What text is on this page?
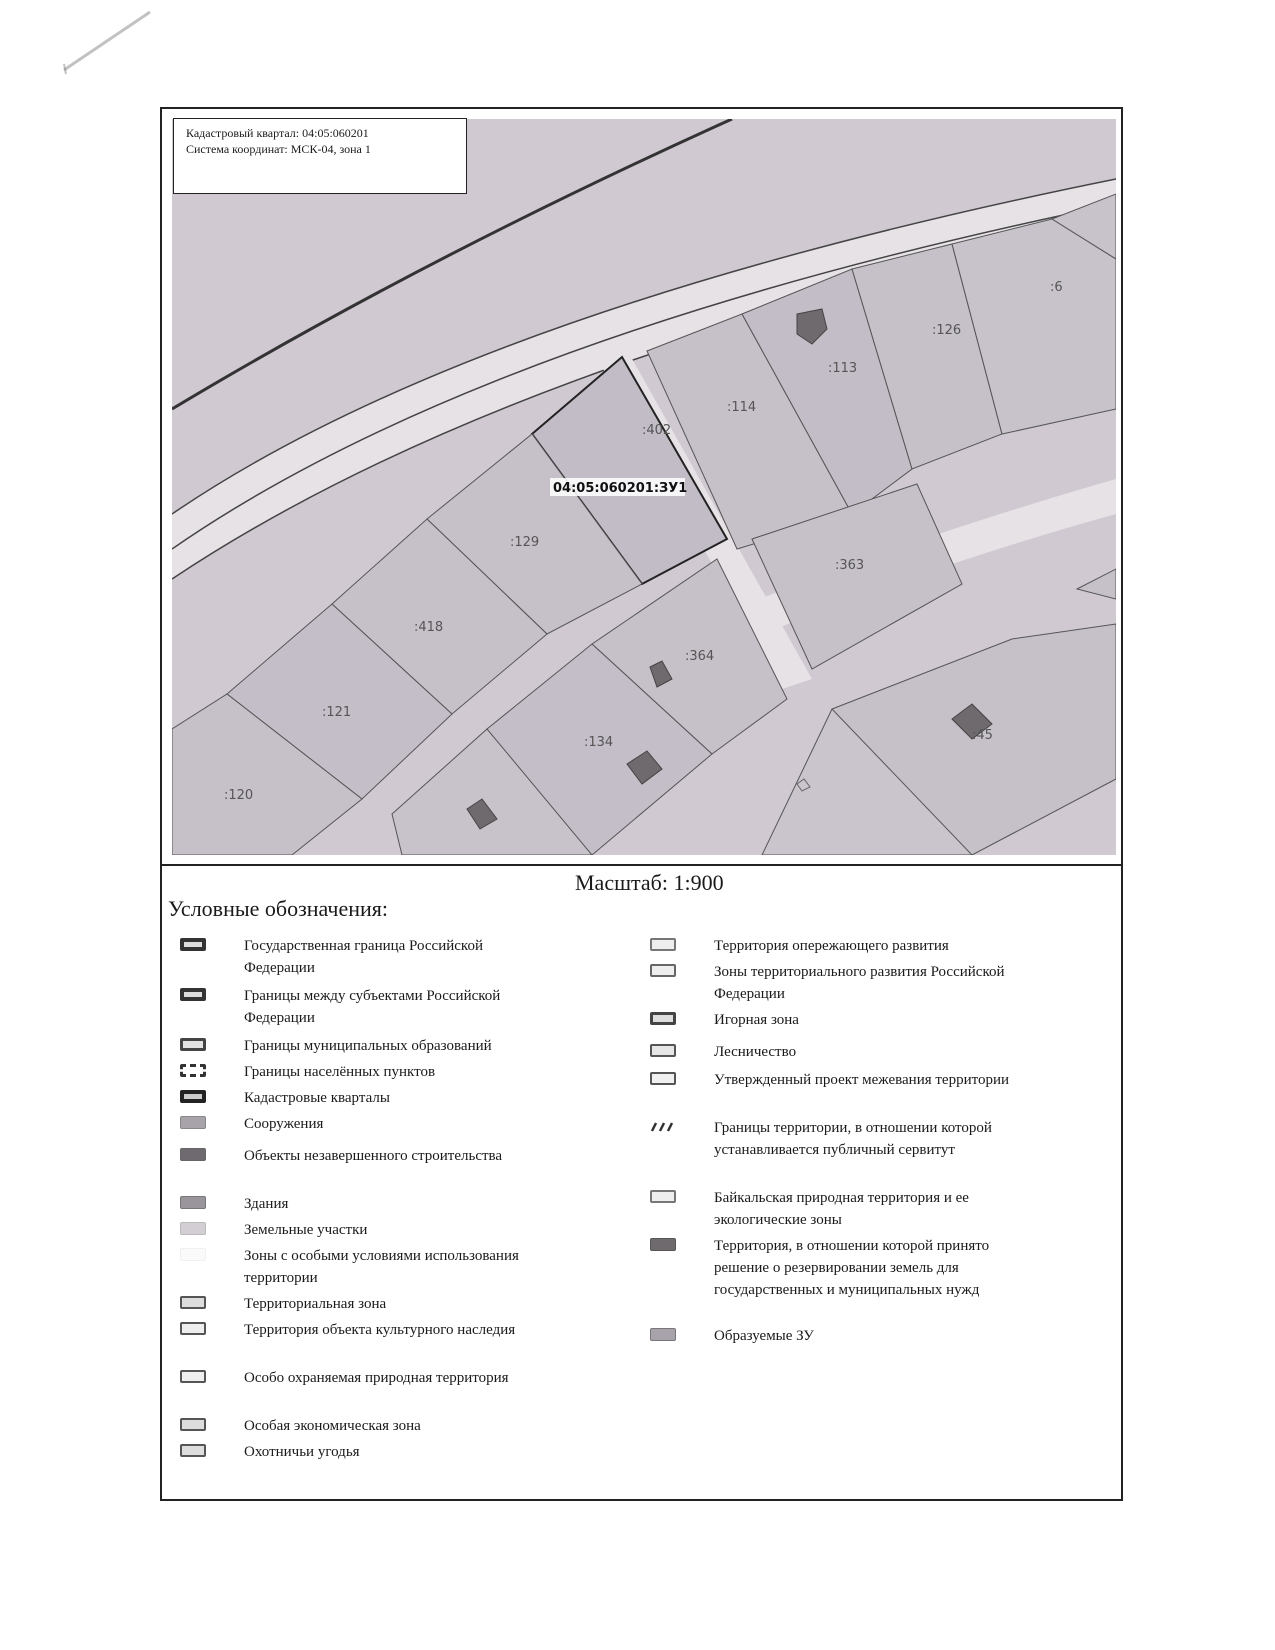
:6
:126
:113
:114
:402
:129
:363
:418
:364
:121
:134	:45
:120
04:05:060201:ЗУ1
Кадастровый квартал: 04:05:060201
Система координат: МСК-04, зона 1
Масштаб: 1:900
Условные обозначения:
Государственная граница Российской Федерации
Границы между субъектами Российской Федерации
Границы муниципальных образований
Границы населённых пунктов
Кадастровые кварталы
Сооружения
Объекты незавершенного строительства
Здания
Земельные участки
Зоны с особыми условиями использования территории
Территориальная зона
Территория объекта культурного наследия
Особо охраняемая природная территория
Особая экономическая зона
Охотничьи угодья
Территория опережающего развития
Зоны территориального развития Российской Федерации
Игорная зона
Лесничество
Утвержденный проект межевания территории
Границы территории, в отношении которой устанавливается публичный сервитут
Байкальская природная территория и ее экологические зоны
Территория, в отношении которой принято решение о резервировании земель для государственных и муниципальных нужд
Образуемые ЗУ
